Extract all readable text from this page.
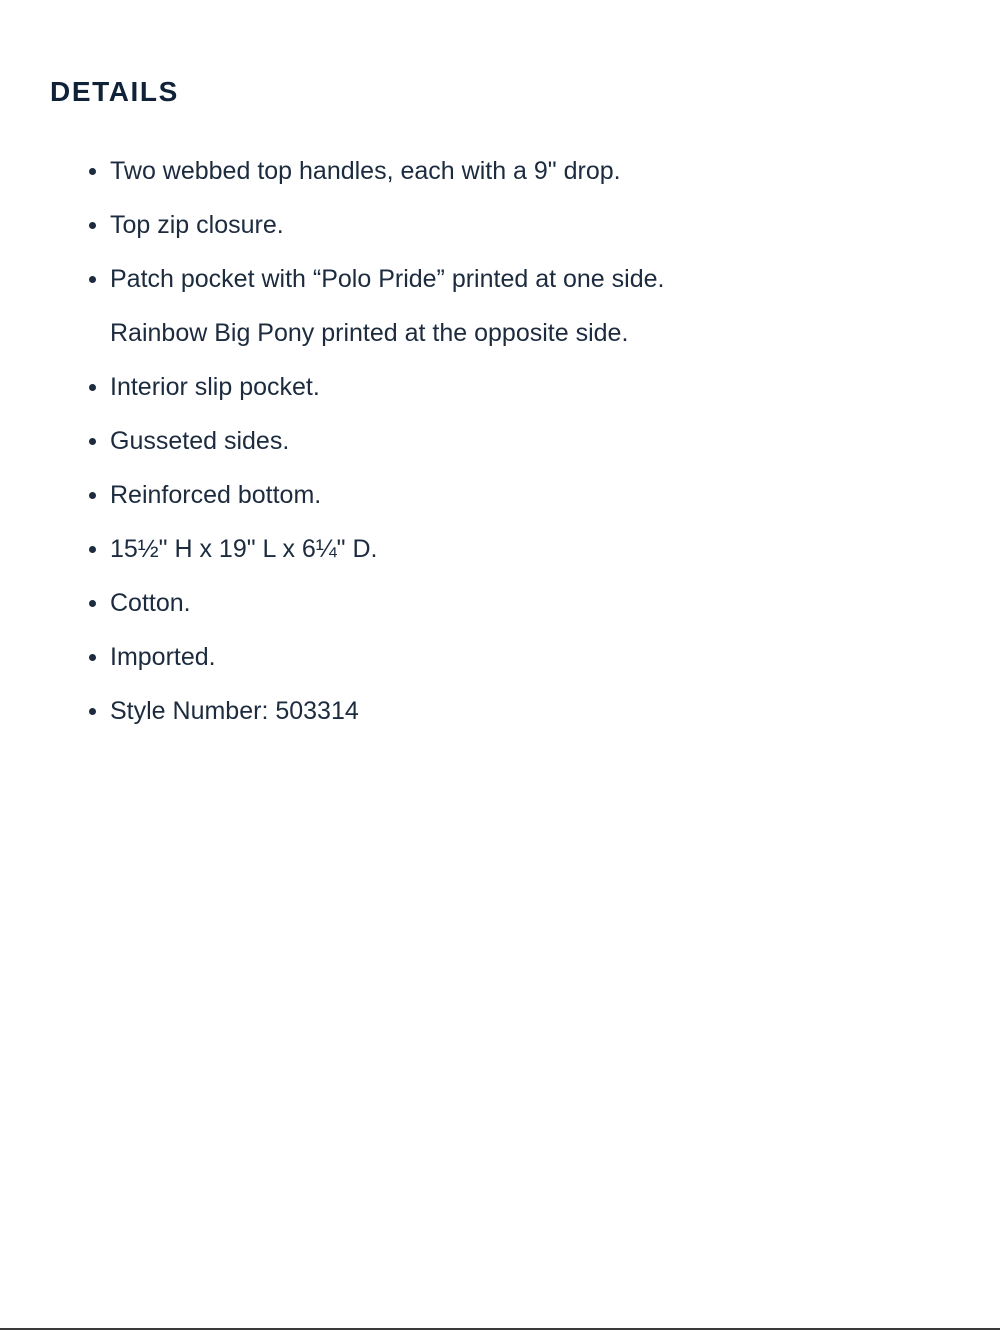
DETAILS
Two webbed top handles, each with a 9" drop.
Top zip closure.
Patch pocket with “Polo Pride” printed at one side.
Rainbow Big Pony printed at the opposite side.
Interior slip pocket.
Gusseted sides.
Reinforced bottom.
15½" H x 19" L x 6¼" D.
Cotton.
Imported.
Style Number: 503314
